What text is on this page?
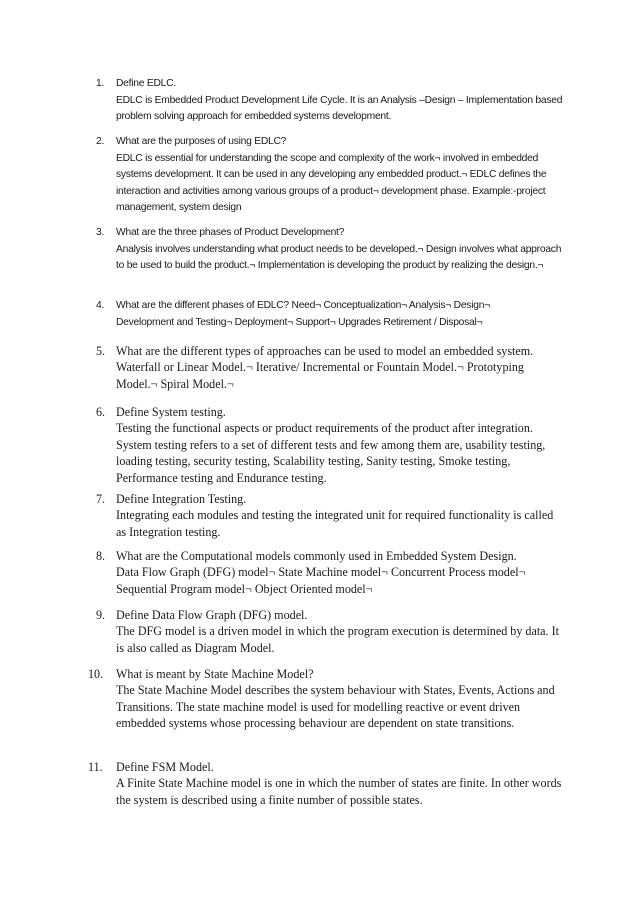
1. Define EDLC.
EDLC is Embedded Product Development Life Cycle. It is an Analysis –Design – Implementation based problem solving approach for embedded systems development.
2. What are the purposes of using EDLC?
EDLC is essential for understanding the scope and complexity of the work¬ involved in embedded systems development. It can be used in any developing any embedded product.¬ EDLC defines the interaction and activities among various groups of a product¬ development phase. Example:-project management, system design
3. What are the three phases of Product Development?
Analysis involves understanding what product needs to be developed.¬ Design involves what approach to be used to build the product.¬ Implementation is developing the product by realizing the design.¬
4. What are the different phases of EDLC? Need¬ Conceptualization¬ Analysis¬ Design¬
Development and Testing¬ Deployment¬ Support¬ Upgrades Retirement / Disposal¬
5. What are the different types of approaches can be used to model an embedded system.
Waterfall or Linear Model.¬ Iterative/ Incremental or Fountain Model.¬ Prototyping Model.¬ Spiral Model.¬
6. Define System testing.
Testing the functional aspects or product requirements of the product after integration. System testing refers to a set of different tests and few among them are, usability testing, loading testing, security testing, Scalability testing, Sanity testing, Smoke testing, Performance testing and Endurance testing.
7. Define Integration Testing.
Integrating each modules and testing the integrated unit for required functionality is called as Integration testing.
8. What are the Computational models commonly used in Embedded System Design.
Data Flow Graph (DFG) model¬ State Machine model¬ Concurrent Process model¬ Sequential Program model¬ Object Oriented model¬
9. Define Data Flow Graph (DFG) model.
The DFG model is a driven model in which the program execution is determined by data. It is also called as Diagram Model.
10. What is meant by State Machine Model?
The State Machine Model describes the system behaviour with States, Events, Actions and Transitions. The state machine model is used for modelling reactive or event driven embedded systems whose processing behaviour are dependent on state transitions.
11. Define FSM Model.
A Finite State Machine model is one in which the number of states are finite. In other words the system is described using a finite number of possible states.
